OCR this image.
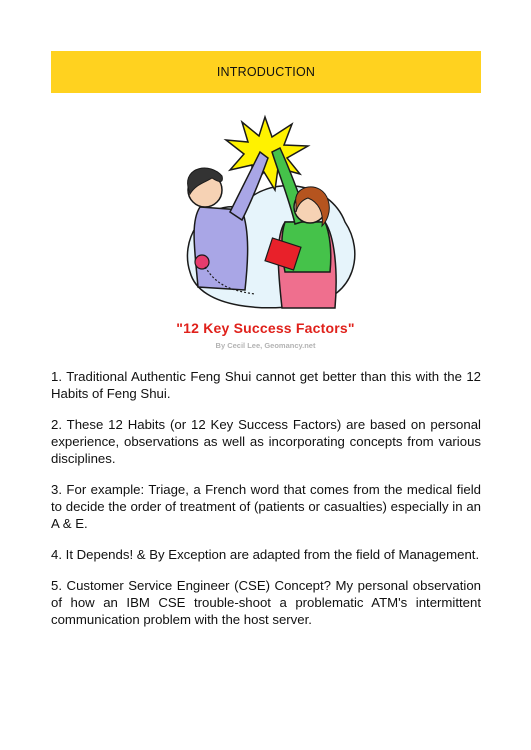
INTRODUCTION
"12 Key Success Factors"
By Cecil Lee, Geomancy.net

1. Traditional Authentic Feng Shui cannot get better than this with the 12 Habits of Feng Shui.

2. These 12 Habits (or 12 Key Success Factors) are based on personal experience, observations as well as incorporating concepts from various disciplines.

3. For example: Triage, a French word that comes from the medical field to decide the order of treatment of (patients or casualties) especially in an A & E.

4. It Depends! & By Exception are adapted from the field of Management.

5. Customer Service Engineer (CSE) Concept? My personal observation of how an IBM CSE trouble-shoot a problematic ATM's intermittent communication problem with the host server.
